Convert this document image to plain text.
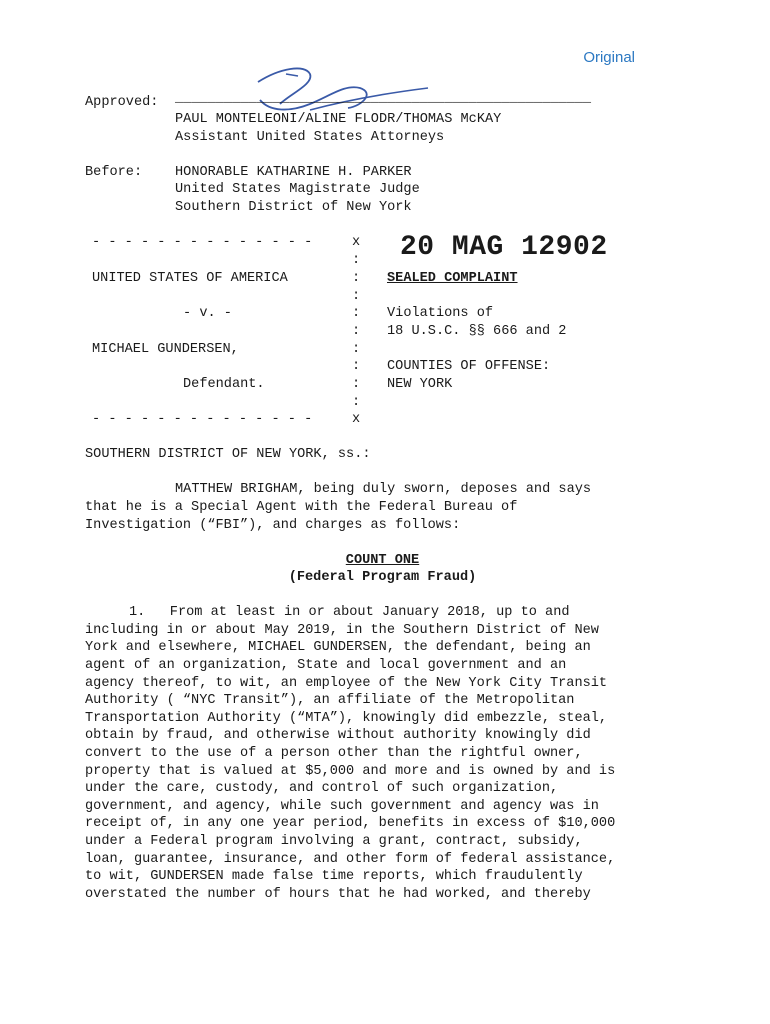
Original
Approved: ___________________________________________________
PAUL MONTELEONI/ALINE FLODR/THOMAS McKAY
Assistant United States Attorneys
Before: HONORABLE KATHARINE H. PARKER
United States Magistrate Judge
Southern District of New York
- - - - - - - - - - - - - -	x
:
:
:
:
:
:
:
:
:
UNITED STATES OF AMERICA
- v. -
MICHAEL GUNDERSEN,
Defendant.
- - - - - - - - - - - - - -	x
20 MAG 12902
SEALED COMPLAINT
Violations of
18 U.S.C. §§ 666 and 2
COUNTIES OF OFFENSE:
NEW YORK
SOUTHERN DISTRICT OF NEW YORK, ss.:
MATTHEW BRIGHAM, being duly sworn, deposes and says
that he is a Special Agent with the Federal Bureau of
Investigation (“FBI”), and charges as follows:
COUNT ONE
(Federal Program Fraud)
1.   From at least in or about January 2018, up to and
including in or about May 2019, in the Southern District of New
York and elsewhere, MICHAEL GUNDERSEN, the defendant, being an
agent of an organization, State and local government and an
agency thereof, to wit, an employee of the New York City Transit
Authority ( “NYC Transit”), an affiliate of the Metropolitan
Transportation Authority (“MTA”), knowingly did embezzle, steal,
obtain by fraud, and otherwise without authority knowingly did
convert to the use of a person other than the rightful owner,
property that is valued at $5,000 and more and is owned by and is
under the care, custody, and control of such organization,
government, and agency, while such government and agency was in
receipt of, in any one year period, benefits in excess of $10,000
under a Federal program involving a grant, contract, subsidy,
loan, guarantee, insurance, and other form of federal assistance,
to wit, GUNDERSEN made false time reports, which fraudulently
overstated the number of hours that he had worked, and thereby
